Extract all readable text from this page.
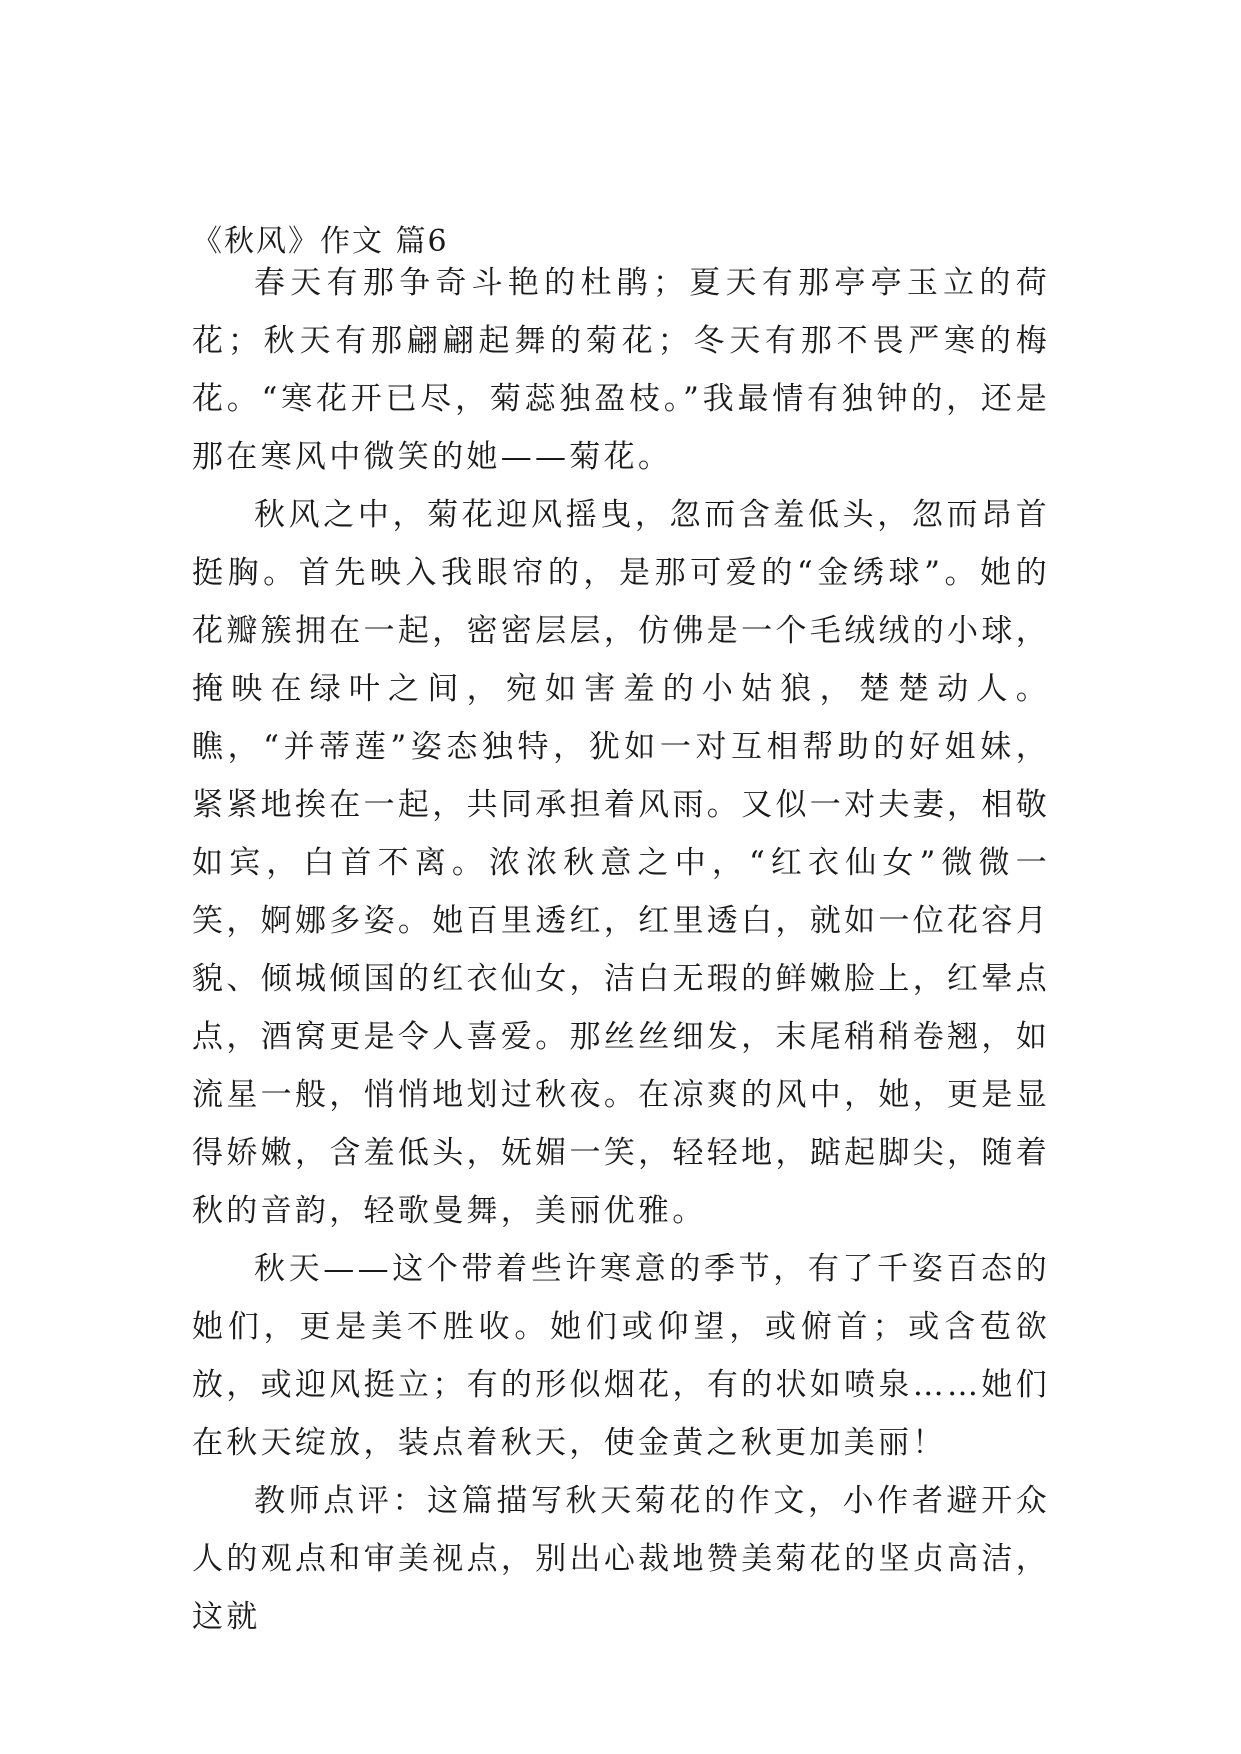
《秋风》作文 篇6

春天有那争奇斗艳的杜鹃；夏天有那亭亭玉立的荷花；秋天有那翩翩起舞的菊花；冬天有那不畏严寒的梅花。“寒花开已尽，菊蕊独盈枝。”我最情有独钟的，还是那在寒风中微笑的她——菊花。

秋风之中，菊花迎风摇曳，忽而含羞低头，忽而昂首挺胸。首先映入我眼帘的，是那可爱的“金绣球”。她的花瓣簇拥在一起，密密层层，仿佛是一个毛绒绒的小球，掩映在绿叶之间，宛如害羞的小姑狼，楚楚动人。瞧，“并蒂莲”姿态独特，犹如一对互相帮助的好姐妹，紧紧地挨在一起，共同承担着风雨。又似一对夫妻，相敬如宾，白首不离。浓浓秋意之中，“红衣仙女”微微一笑，婀娜多姿。她百里透红，红里透白，就如一位花容月貌、倾城倾国的红衣仙女，洁白无瑕的鲜嫩脸上，红晕点点，酒窝更是令人喜爱。那丝丝细发，末尾稍稍卷翘，如流星一般，悄悄地划过秋夜。在凉爽的风中，她，更是显得娇嫩，含羞低头，妩媚一笑，轻轻地，踮起脚尖，随着秋的音韵，轻歌曼舞，美丽优雅。

秋天——这个带着些许寒意的季节，有了千姿百态的她们，更是美不胜收。她们或仰望，或俯首；或含苞欲放，或迎风挺立；有的形似烟花，有的状如喷泉……她们在秋天绽放，装点着秋天，使金黄之秋更加美丽！

教师点评：这篇描写秋天菊花的作文，小作者避开众人的观点和审美视点，别出心裁地赞美菊花的坚贞高洁，这就
